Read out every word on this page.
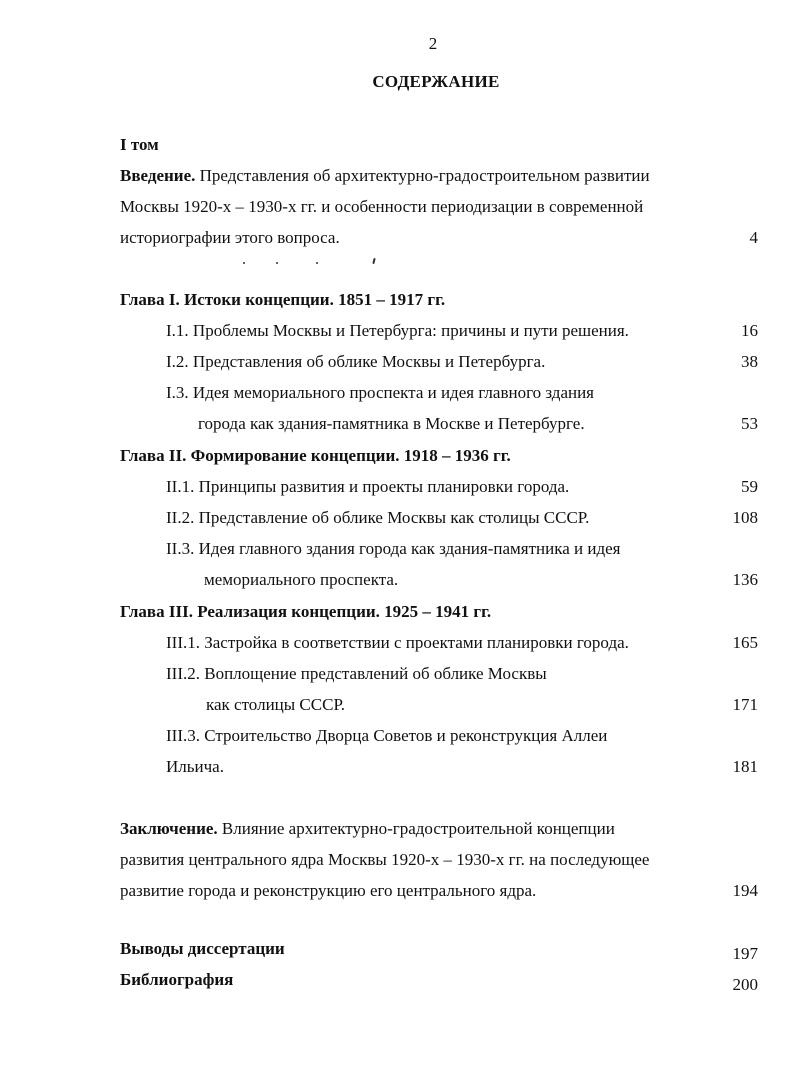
2
СОДЕРЖАНИЕ
I том
Введение. Представления об архитектурно-градостроительном развитии
Москвы 1920-х – 1930-х гг. и особенности периодизации в современной
историографии этого вопроса.	4
Глава I. Истоки концепции. 1851 – 1917 гг.
I.1. Проблемы Москвы и Петербурга: причины и пути решения.	16
I.2. Представления об облике Москвы и Петербурга.	38
I.3. Идея мемориального проспекта и идея главного здания
города как здания-памятника в Москве и Петербурге.	53
Глава II. Формирование концепции. 1918 – 1936 гг.
II.1. Принципы развития и проекты планировки города.	59
II.2. Представление об облике Москвы как столицы СССР.	108
II.3. Идея главного здания города как здания-памятника и идея
мемориального проспекта.	136
Глава III. Реализация концепции. 1925 – 1941 гг.
III.1. Застройка в соответствии с проектами планировки города.	165
III.2. Воплощение представлений об облике Москвы
как столицы СССР.	171
III.3. Строительство Дворца Советов и реконструкция Аллеи
Ильича.	181
Заключение. Влияние архитектурно-градостроительной концепции
развития центрального ядра Москвы 1920-х – 1930-х гг. на последующее
развитие города и реконструкцию его центрального ядра.	194
Выводы диссертации	197
Библиография	200
